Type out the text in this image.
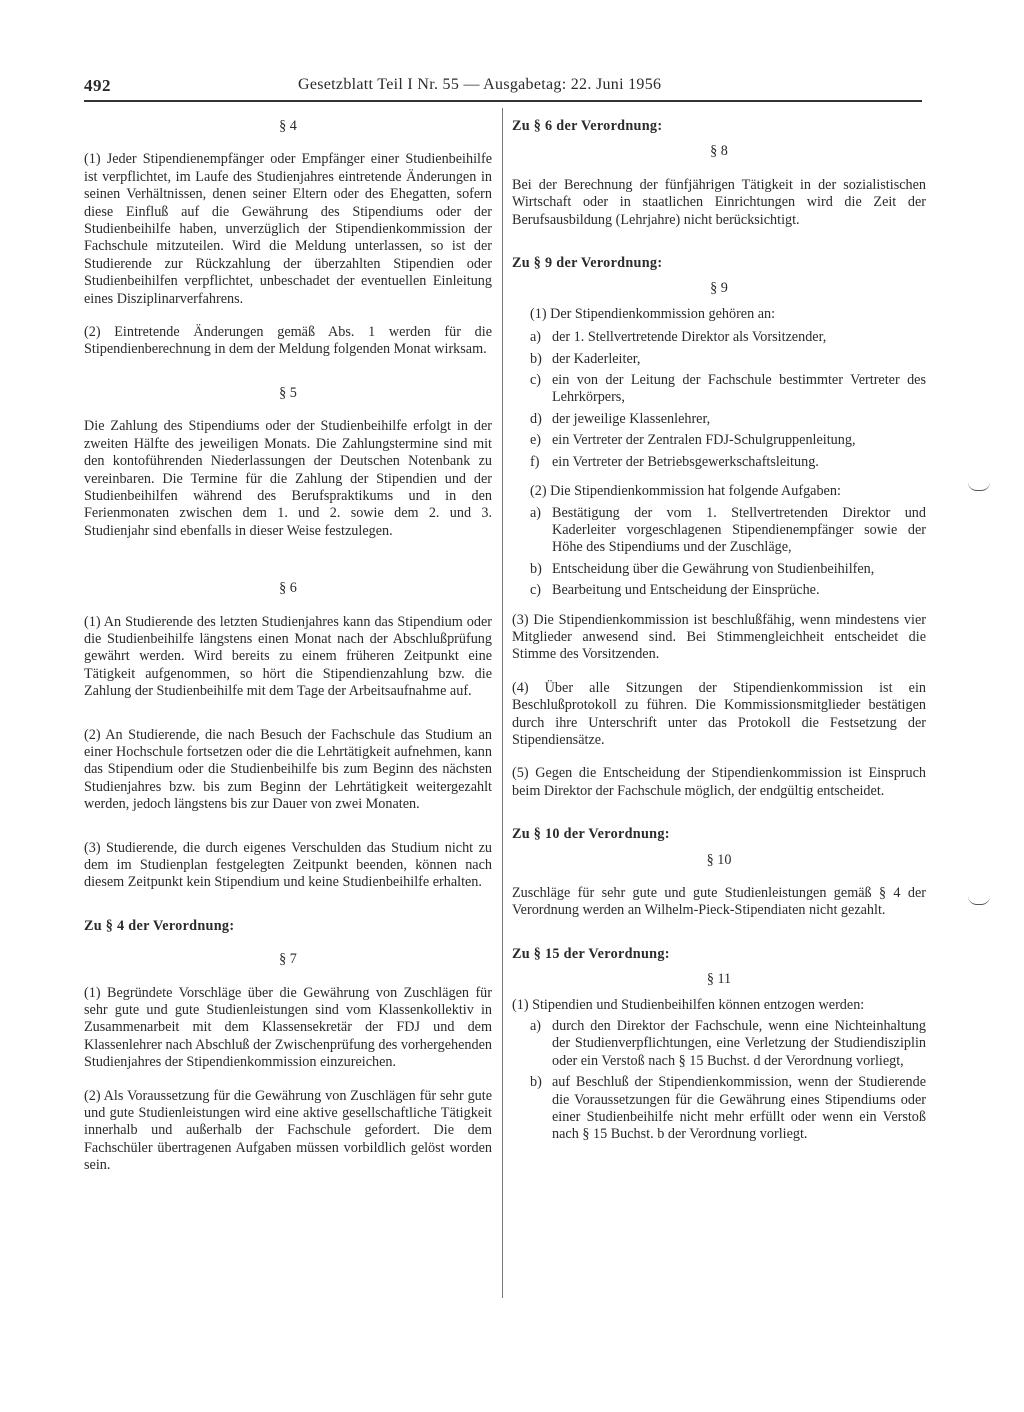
492	Gesetzblatt Teil I Nr. 55 — Ausgabetag: 22. Juni 1956

§ 4

(1) Jeder Stipendienempfänger oder Empfänger einer Studienbeihilfe ist verpflichtet, im Laufe des Studienjahres eintretende Änderungen in seinen Verhältnissen, denen seiner Eltern oder des Ehegatten, sofern diese Einfluß auf die Gewährung des Stipendiums oder der Studienbeihilfe haben, unverzüglich der Stipendienkommission der Fachschule mitzuteilen. Wird die Meldung unterlassen, so ist der Studierende zur Rückzahlung der überzahlten Stipendien oder Studienbeihilfen verpflichtet, unbeschadet der eventuellen Einleitung eines Disziplinarverfahrens.

(2) Eintretende Änderungen gemäß Abs. 1 werden für die Stipendienberechnung in dem der Meldung folgenden Monat wirksam.

§ 5

Die Zahlung des Stipendiums oder der Studienbeihilfe erfolgt in der zweiten Hälfte des jeweiligen Monats. Die Zahlungstermine sind mit den kontoführenden Niederlassungen der Deutschen Notenbank zu vereinbaren. Die Termine für die Zahlung der Stipendien und der Studienbeihilfen während des Berufspraktikums und in den Ferienmonaten zwischen dem 1. und 2. sowie dem 2. und 3. Studienjahr sind ebenfalls in dieser Weise festzulegen.

§ 6

(1) An Studierende des letzten Studienjahres kann das Stipendium oder die Studienbeihilfe längstens einen Monat nach der Abschlußprüfung gewährt werden. Wird bereits zu einem früheren Zeitpunkt eine Tätigkeit aufgenommen, so hört die Stipendienzahlung bzw. die Zahlung der Studienbeihilfe mit dem Tage der Arbeitsaufnahme auf.

(2) An Studierende, die nach Besuch der Fachschule das Studium an einer Hochschule fortsetzen oder die die Lehrtätigkeit aufnehmen, kann das Stipendium oder die Studienbeihilfe bis zum Beginn des nächsten Studienjahres bzw. bis zum Beginn der Lehrtätigkeit weitergezahlt werden, jedoch längstens bis zur Dauer von zwei Monaten.

(3) Studierende, die durch eigenes Verschulden das Studium nicht zu dem im Studienplan festgelegten Zeitpunkt beenden, können nach diesem Zeitpunkt kein Stipendium und keine Studienbeihilfe erhalten.

Zu § 4 der Verordnung:

§ 7

(1) Begründete Vorschläge über die Gewährung von Zuschlägen für sehr gute und gute Studienleistungen sind vom Klassenkollektiv in Zusammenarbeit mit dem Klassensekretär der FDJ und dem Klassenlehrer nach Abschluß der Zwischenprüfung des vorhergehenden Studienjahres der Stipendienkommission einzureichen.

(2) Als Voraussetzung für die Gewährung von Zuschlägen für sehr gute und gute Studienleistungen wird eine aktive gesellschaftliche Tätigkeit innerhalb und außerhalb der Fachschule gefordert. Die dem Fachschüler übertragenen Aufgaben müssen vorbildlich gelöst worden sein.

Zu § 6 der Verordnung:

§ 8

Bei der Berechnung der fünfjährigen Tätigkeit in der sozialistischen Wirtschaft oder in staatlichen Einrichtungen wird die Zeit der Berufsausbildung (Lehrjahre) nicht berücksichtigt.

Zu § 9 der Verordnung:

§ 9

(1) Der Stipendienkommission gehören an:

a) der 1. Stellvertretende Direktor als Vorsitzender,
b) der Kaderleiter,
c) ein von der Leitung der Fachschule bestimmter Vertreter des Lehrkörpers,
d) der jeweilige Klassenlehrer,
e) ein Vertreter der Zentralen FDJ-Schulgruppenleitung,
f) ein Vertreter der Betriebsgewerkschaftsleitung.

(2) Die Stipendienkommission hat folgende Aufgaben:

a) Bestätigung der vom 1. Stellvertretenden Direktor und Kaderleiter vorgeschlagenen Stipendienempfänger sowie der Höhe des Stipendiums und der Zuschläge,
b) Entscheidung über die Gewährung von Studienbeihilfen,
c) Bearbeitung und Entscheidung der Einsprüche.

(3) Die Stipendienkommission ist beschlußfähig, wenn mindestens vier Mitglieder anwesend sind. Bei Stimmengleichheit entscheidet die Stimme des Vorsitzenden.

(4) Über alle Sitzungen der Stipendienkommission ist ein Beschlußprotokoll zu führen. Die Kommissionsmitglieder bestätigen durch ihre Unterschrift unter das Protokoll die Festsetzung der Stipendiensätze.

(5) Gegen die Entscheidung der Stipendienkommission ist Einspruch beim Direktor der Fachschule möglich, der endgültig entscheidet.

Zu § 10 der Verordnung:

§ 10

Zuschläge für sehr gute und gute Studienleistungen gemäß § 4 der Verordnung werden an Wilhelm-Pieck-Stipendiaten nicht gezahlt.

Zu § 15 der Verordnung:

§ 11

(1) Stipendien und Studienbeihilfen können entzogen werden:

a) durch den Direktor der Fachschule, wenn eine Nichteinhaltung der Studienverpflichtungen, eine Verletzung der Studiendisziplin oder ein Verstoß nach § 15 Buchst. d der Verordnung vorliegt,
b) auf Beschluß der Stipendienkommission, wenn der Studierende die Voraussetzungen für die Gewährung eines Stipendiums oder einer Studienbeihilfe nicht mehr erfüllt oder wenn ein Verstoß nach § 15 Buchst. b der Verordnung vorliegt.
